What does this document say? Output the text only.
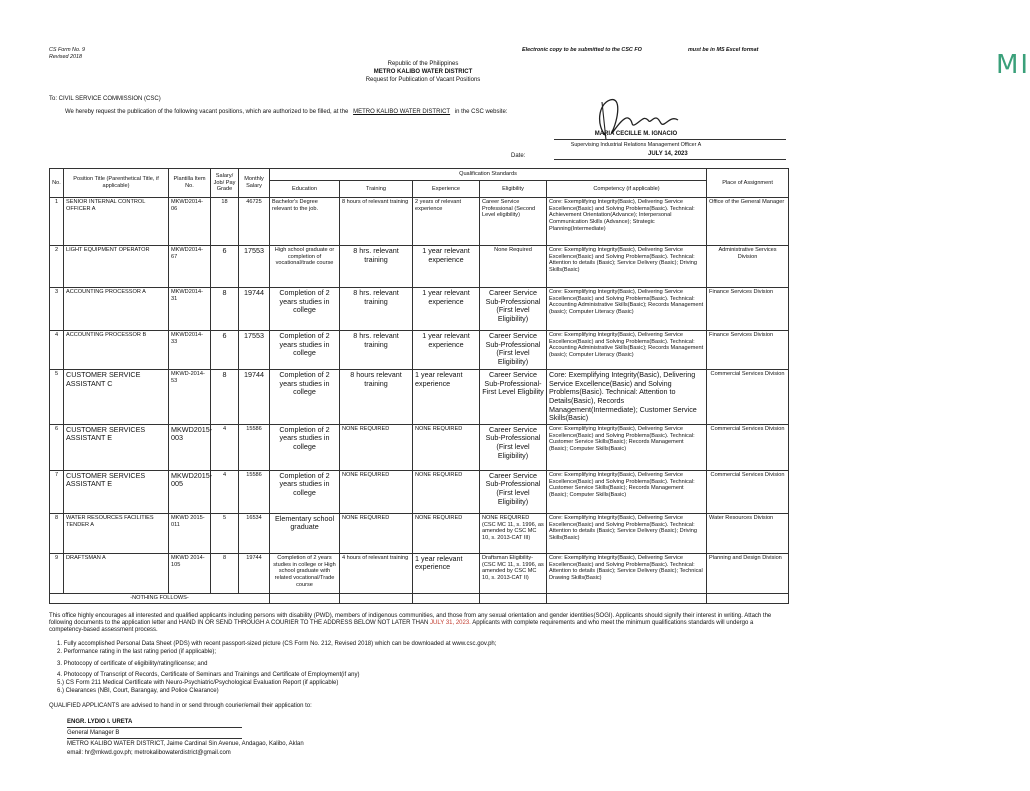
CS Form No. 9
Revised 2018
Electronic copy to be submitted to the CSC FO	must be in MS Excel format	MI
Republic of the Philippines
METRO KALIBO WATER DISTRICT
Request for Publication of Vacant Positions
To: CIVIL SERVICE COMMISSION (CSC)
We hereby request the publication of the following vacant positions, which are authorized to be filled, at the METRO KALIBO WATER DISTRICT in the CSC website:
MARIA CECILLE M. IGNACIO
Supervising Industrial Relations Management Officer A
Date:	JULY 14, 2023
No.	Position Title (Parenthetical Title, if applicable)	Plantilla Item No.	Salary/ Job/ Pay Grade	Monthly Salary	Qualification Standards					Place of Assignment
					Education	Training	Experience	Eligibility	Competency (if applicable)	
1	SENIOR INTERNAL CONTROL OFFICER A	MKWD2014-06	18	46725	Bachelor's Degree relevant to the job.	8 hours of relevant training	2 years of relevant experience	Career Service Professional (Second Level eligibility)	Core: Exemplifying Integrity(Basic), Delivering Service Excellence(Basic) and Solving Problems(Basic). Technical: Achievement Orientation(Advance); Interpersonal Communication Skills (Advance); Strategic Planning(Intermediate)	Office of the General Manager
2	LIGHT EQUIPMENT OPERATOR	MKWD2014-67	6	17553	High school graduate or completion of vocational/trade course	8 hrs. relevant training	1 year relevant experience	None Required	Core: Exemplifying Integrity(Basic), Delivering Service Excellence(Basic) and Solving Problems(Basic). Technical: Attention to details (Basic); Service Delivery (Basic); Driving Skills(Basic)	Administrative Services Division
3	ACCOUNTING PROCESSOR A	MKWD2014-31	8	19744	Completion of 2 years studies in college	8 hrs. relevant training	1 year relevant experience	Career Service Sub-Professional (First level Eligibility)	Core: Exemplifying Integrity(Basic), Delivering Service Excellence(Basic) and Solving Problems(Basic). Technical: Accounting Administrative Skills(Basic); Records Management (basic); Computer Literacy (Basic)	Finance Services Division
4	ACCOUNTING PROCESSOR B	MKWD2014-33	6	17553	Completion of 2 years studies in college	8 hrs. relevant training	1 year relevant experience	Career Service Sub-Professional (First level Eligibility)	Core: Exemplifying Integrity(Basic), Delivering Service Excellence(Basic) and Solving Problems(Basic). Technical: Accounting Administrative Skills(Basic); Records Management (basic); Computer Literacy (Basic)	Finance Services Division
5	CUSTOMER SERVICE ASSISTANT C	MKWD-2014-53	8	19744	Completion of 2 years studies in college	8 hours relevant training	1 year relevant experience	Career Service Sub-Professional- First Level Eligbility	Core: Exemplifying Integrity(Basic), Delivering Service Excellence(Basic) and Solving Problems(Basic). Technical: Attention to Details(Basic), Records Management(Intermediate); Customer Service Skills(Basic)	Commercial Services Division
6	CUSTOMER SERVICES ASSISTANT E	MKWD2015-003	4	15586	Completion of 2 years studies in college	NONE REQUIRED	NONE REQUIRED	Career Service Sub-Professional (First level Eligibility)	Core: Exemplifying Integrity(Basic), Delivering Service Excellence(Basic) and Solving Problems(Basic). Technical: Customer Service Skills(Basic); Records Management (Basic); Computer Skills(Basic)	Commercial Services Division
7	CUSTOMER SERVICES ASSISTANT E	MKWD2015-005	4	15586	Completion of 2 years studies in college	NONE REQUIRED	NONE REQUIRED	Career Service Sub-Professional (First level Eligibility)	Core: Exemplifying Integrity(Basic), Delivering Service Excellence(Basic) and Solving Problems(Basic). Technical: Customer Service Skills(Basic); Records Management (Basic); Computer Skills(Basic)	Commercial Services Division
8	WATER RESOURCES FACILITIES TENDER A	MKWD 2015-011	5	16534	Elementary school graduate	NONE REQUIRED	NONE REQUIRED	NONE REQUIRED (CSC MC 11, s. 1996, as amended by CSC MC 10, s. 2013-CAT III)	Core: Exemplifying Integrity(Basic), Delivering Service Excellence(Basic) and Solving Problems(Basic). Technical: Attention to details (Basic); Service Delivery (Basic); Driving Skills(Basic)	Water Resources Division
9	DRAFTSMAN A	MKWD 2014-105	8	19744	Completion of 2 years studies in college or High school graduate with related vocational/Trade course	4 hours of relevant training	1 year relevant experience	Draftsman Eligibility-(CSC MC 11, s. 1996, as amended by CSC MC 10, s. 2013-CAT II)	Core: Exemplifying Integrity(Basic), Delivering Service Excellence(Basic) and Solving Problems(Basic). Technical: Attention to details (Basic); Service Delivery (Basic); Technical Drawing Skills(Basic)	Planning and Design Division
-NOTHING FOLLOWS-										
This office highly encourages all interested and qualified applicants including persons with disability (PWD), members of indigenous communities, and those from any sexual orientation and gender identities(SOGI). Applicants should signify their interest in writing. Attach the following documents to the application letter and HAND IN OR SEND THROUGH A COURIER TO THE ADDRESS BELOW NOT LATER THAN JULY 31, 2023. Applicants with complete requirements and who meet the minimum qualifications standards will undergo a competency-based assessment process.
1. Fully accomplished Personal Data Sheet (PDS) with recent passport-sized picture (CS Form No. 212, Revised 2018) which can be downloaded at www.csc.gov.ph;
2. Performance rating in the last rating period (if applicable);
3. Photocopy of certificate of eligibility/rating/license; and
4. Photocopy of Transcript of Records, Certificate of Seminars and Trainings and Certificate of Employment(if any)
5.) CS Form 211 Medical Certificate with Neuro-Psychiatric/Psychological Evaluation Report (if applicable)
6.) Clearances (NBI, Court, Barangay, and Police Clearance)
QUALIFIED APPLICANTS are advised to hand in or send through courier/email their application to:
ENGR. LYDIO I. URETA
General Manager B
METRO KALIBO WATER DISTRICT, Jaime Cardinal Sin Avenue, Andagao, Kalibo, Aklan
email: hr@mkwd.gov.ph; metrokalibowaterdistrict@gmail.com
